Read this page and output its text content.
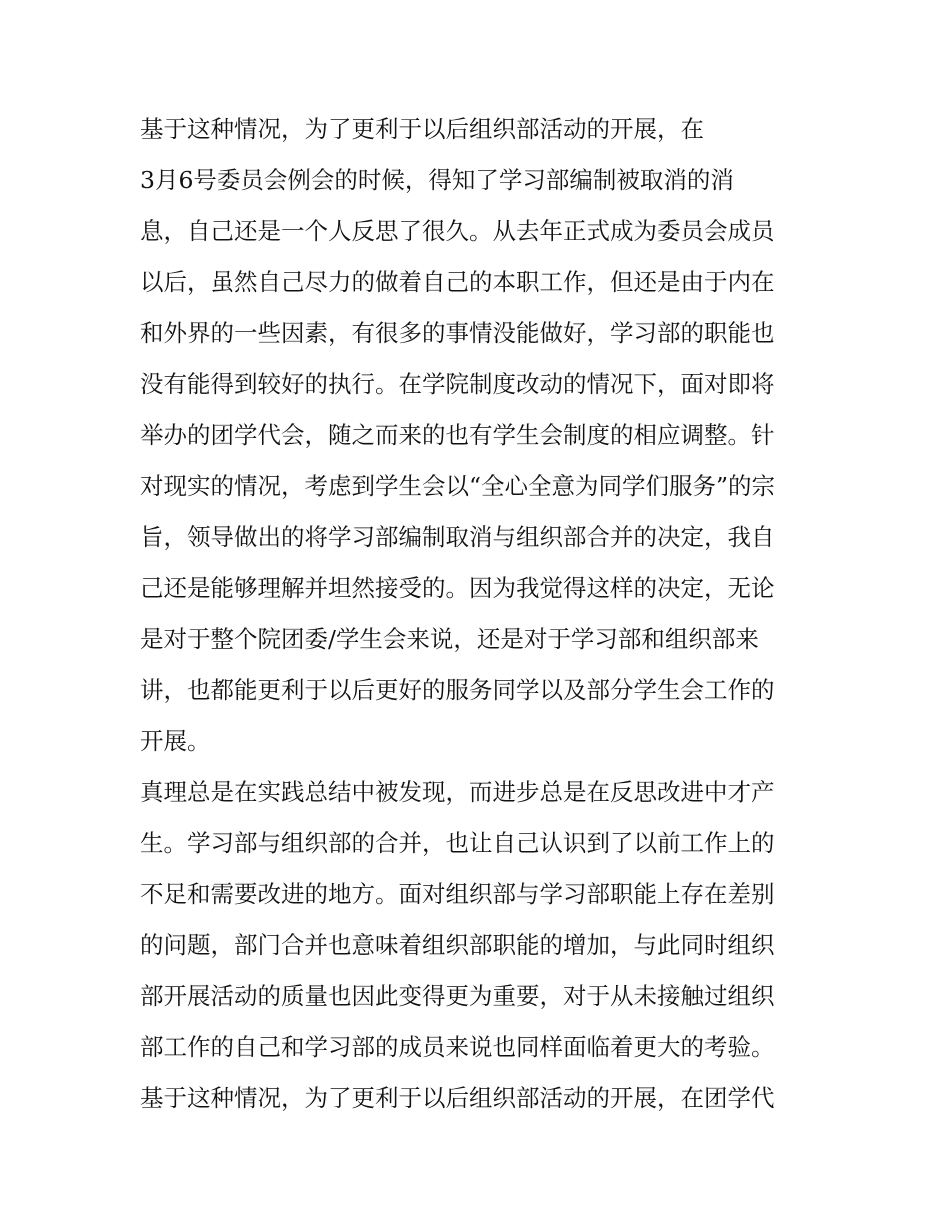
基于这种情况，为了更利于以后组织部活动的开展，在
3月6号委员会例会的时候，得知了学习部编制被取消的消
息，自己还是一个人反思了很久。从去年正式成为委员会成员
以后，虽然自己尽力的做着自己的本职工作，但还是由于内在
和外界的一些因素，有很多的事情没能做好，学习部的职能也
没有能得到较好的执行。在学院制度改动的情况下，面对即将
举办的团学代会，随之而来的也有学生会制度的相应调整。针
对现实的情况，考虑到学生会以“全心全意为同学们服务”的宗
旨，领导做出的将学习部编制取消与组织部合并的决定，我自
己还是能够理解并坦然接受的。因为我觉得这样的决定，无论
是对于整个院团委/学生会来说，还是对于学习部和组织部来
讲，也都能更利于以后更好的服务同学以及部分学生会工作的
开展。
真理总是在实践总结中被发现，而进步总是在反思改进中才产
生。学习部与组织部的合并，也让自己认识到了以前工作上的
不足和需要改进的地方。面对组织部与学习部职能上存在差别
的问题，部门合并也意味着组织部职能的增加，与此同时组织
部开展活动的质量也因此变得更为重要，对于从未接触过组织
部工作的自己和学习部的成员来说也同样面临着更大的考验。
基于这种情况，为了更利于以后组织部活动的开展，在团学代
